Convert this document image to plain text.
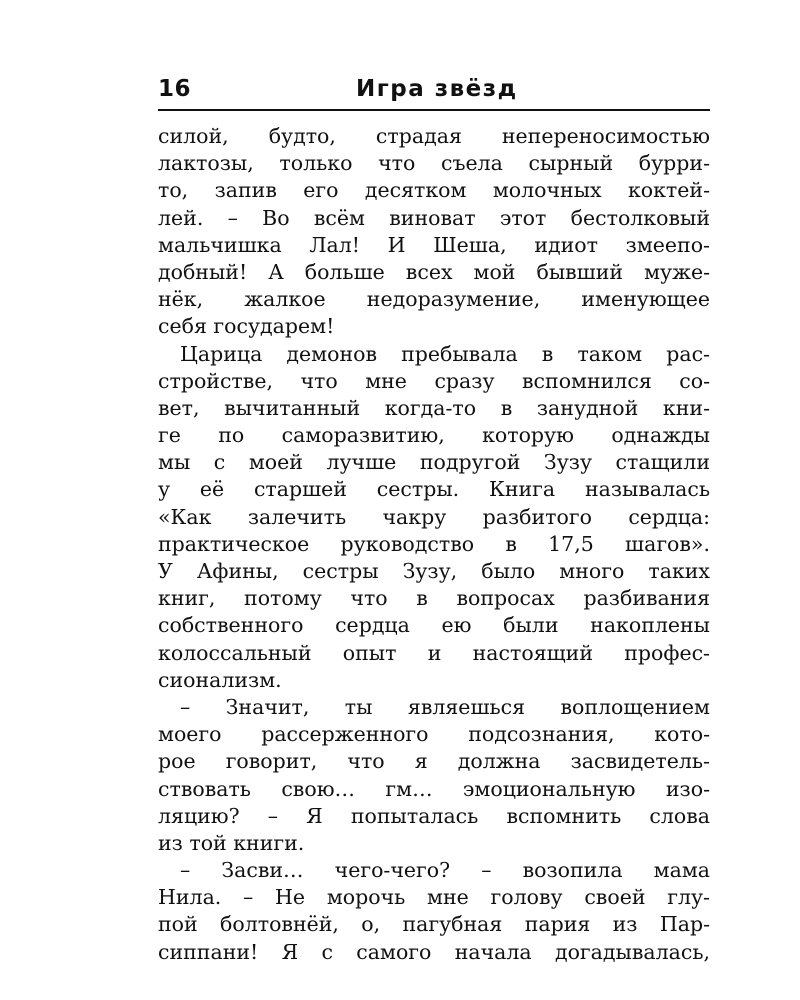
16	Игра звёзд
силой, будто, страдая непереносимостью
лактозы, только что съела сырный бурри-
то, запив его десятком молочных коктей-
лей. – Во всём виноват этот бестолковый
мальчишка Лал! И Шеша, идиот змеепо-
добный! А больше всех мой бывший муже-
нёк, жалкое недоразумение, именующее
себя государем!
Царица демонов пребывала в таком рас-
стройстве, что мне сразу вспомнился со-
вет, вычитанный когда-то в занудной кни-
ге по саморазвитию, которую однажды
мы с моей лучше подругой Зузу стащили
у её старшей сестры. Книга называлась
«Как залечить чакру разбитого сердца:
практическое руководство в 17,5 шагов».
У Афины, сестры Зузу, было много таких
книг, потому что в вопросах разбивания
собственного сердца ею были накоплены
колоссальный опыт и настоящий профес-
сионализм.
– Значит, ты являешься воплощением
моего рассерженного подсознания, кото-
рое говорит, что я должна засвидетель-
ствовать свою… гм… эмоциональную изо-
ляцию? – Я попыталась вспомнить слова
из той книги.
– Засви… чего-чего? – возопила мама
Нила. – Не морочь мне голову своей глу-
пой болтовнёй, о, пагубная пария из Пар-
сиппани! Я с самого начала догадывалась,
